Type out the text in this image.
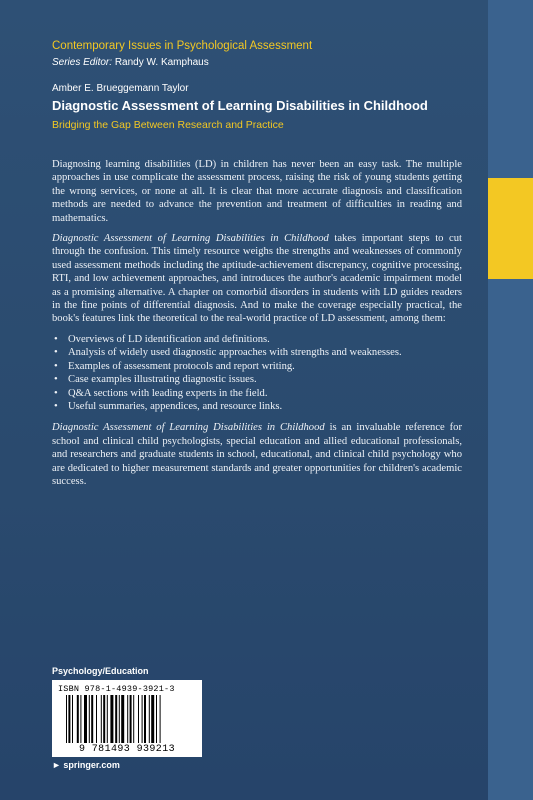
Contemporary Issues in Psychological Assessment
Series Editor: Randy W. Kamphaus
Amber E. Brueggemann Taylor
Diagnostic Assessment of Learning Disabilities in Childhood
Bridging the Gap Between Research and Practice

Diagnosing learning disabilities (LD) in children has never been an easy task. The multiple approaches in use complicate the assessment process, raising the risk of young students getting the wrong services, or none at all. It is clear that more accurate diagnosis and classification methods are needed to advance the prevention and treatment of difficulties in reading and mathematics.

Diagnostic Assessment of Learning Disabilities in Childhood takes important steps to cut through the confusion. This timely resource weighs the strengths and weaknesses of commonly used assessment methods including the aptitude-achievement discrepancy, cognitive processing, RTI, and low achievement approaches, and introduces the author's academic impairment model as a promising alternative. A chapter on comorbid disorders in students with LD guides readers in the fine points of differential diagnosis. And to make the coverage especially practical, the book's features link the theoretical to the real-world practice of LD assessment, among them:

• Overviews of LD identification and definitions.
• Analysis of widely used diagnostic approaches with strengths and weaknesses.
• Examples of assessment protocols and report writing.
• Case examples illustrating diagnostic issues.
• Q&A sections with leading experts in the field.
• Useful summaries, appendices, and resource links.

Diagnostic Assessment of Learning Disabilities in Childhood is an invaluable reference for school and clinical child psychologists, special education and allied educational professionals, and researchers and graduate students in school, educational, and clinical child psychology who are dedicated to higher measurement standards and greater opportunities for children's academic success.

Psychology/Education
ISBN 978-1-4939-3921-3
9 781493 939213
► springer.com
